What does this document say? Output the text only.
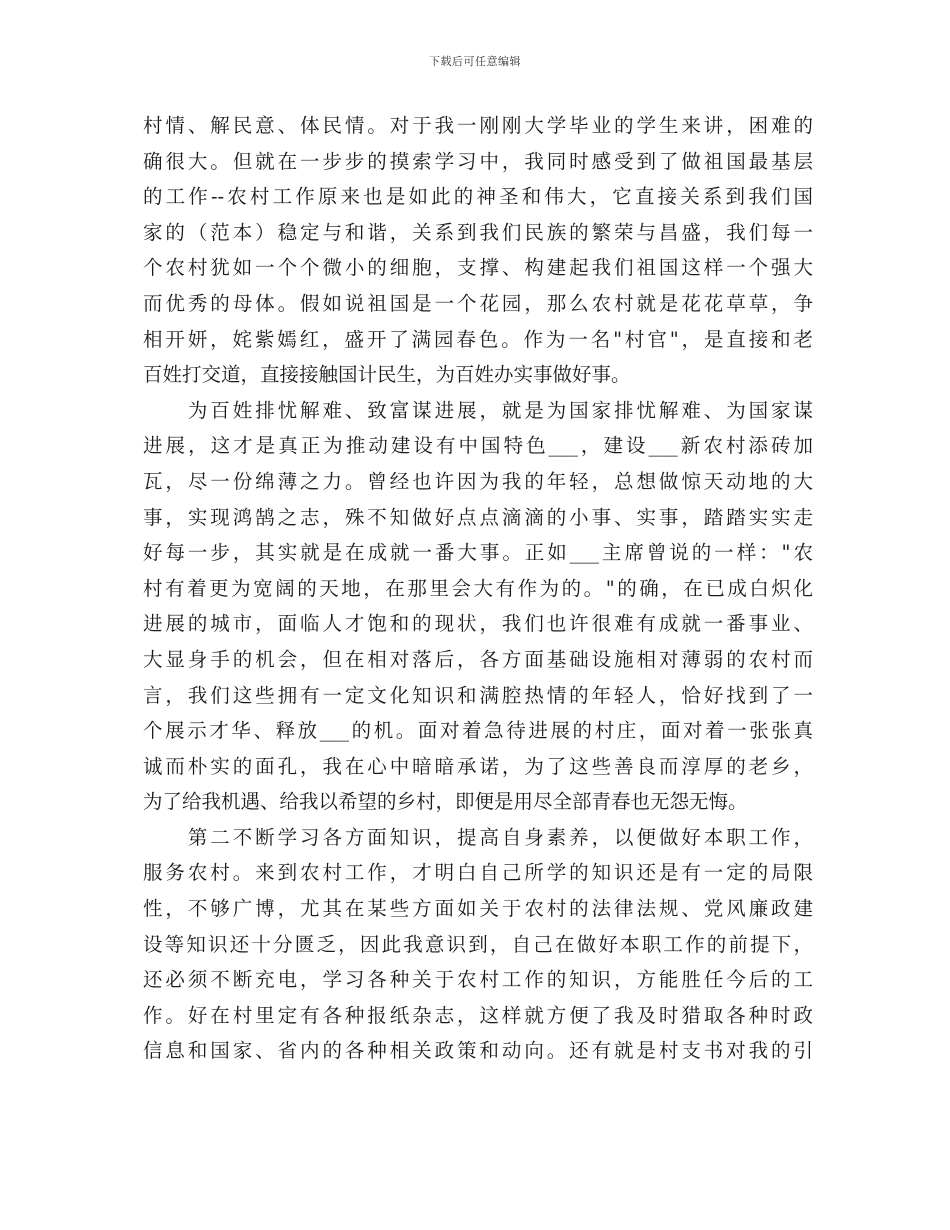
下载后可任意编辑
村情、解民意、体民情。对于我一刚刚大学毕业的学生来讲，困难的
确很大。但就在一步步的摸索学习中，我同时感受到了做祖国最基层
的工作--农村工作原来也是如此的神圣和伟大，它直接关系到我们国
家的（范本）稳定与和谐，关系到我们民族的繁荣与昌盛，我们每一
个农村犹如一个个微小的细胞，支撑、构建起我们祖国这样一个强大
而优秀的母体。假如说祖国是一个花园，那么农村就是花花草草，争
相开妍，姹紫嫣红，盛开了满园春色。作为一名"村官"，是直接和老
百姓打交道，直接接触国计民生，为百姓办实事做好事。
　　为百姓排忧解难、致富谋进展，就是为国家排忧解难、为国家谋
进展，这才是真正为推动建设有中国特色___，建设___新农村添砖加
瓦，尽一份绵薄之力。曾经也许因为我的年轻，总想做惊天动地的大
事，实现鸿鹄之志，殊不知做好点点滴滴的小事、实事，踏踏实实走
好每一步，其实就是在成就一番大事。正如___主席曾说的一样："农
村有着更为宽阔的天地，在那里会大有作为的。"的确，在已成白炽化
进展的城市，面临人才饱和的现状，我们也许很难有成就一番事业、
大显身手的机会，但在相对落后，各方面基础设施相对薄弱的农村而
言，我们这些拥有一定文化知识和满腔热情的年轻人，恰好找到了一
个展示才华、释放___的机。面对着急待进展的村庄，面对着一张张真
诚而朴实的面孔，我在心中暗暗承诺，为了这些善良而淳厚的老乡，
为了给我机遇、给我以希望的乡村，即便是用尽全部青春也无怨无悔。
　　第二不断学习各方面知识，提高自身素养，以便做好本职工作，
服务农村。来到农村工作，才明白自己所学的知识还是有一定的局限
性，不够广博，尤其在某些方面如关于农村的法律法规、党风廉政建
设等知识还十分匮乏，因此我意识到，自己在做好本职工作的前提下，
还必须不断充电，学习各种关于农村工作的知识，方能胜任今后的工
作。好在村里定有各种报纸杂志，这样就方便了我及时猎取各种时政
信息和国家、省内的各种相关政策和动向。还有就是村支书对我的引
